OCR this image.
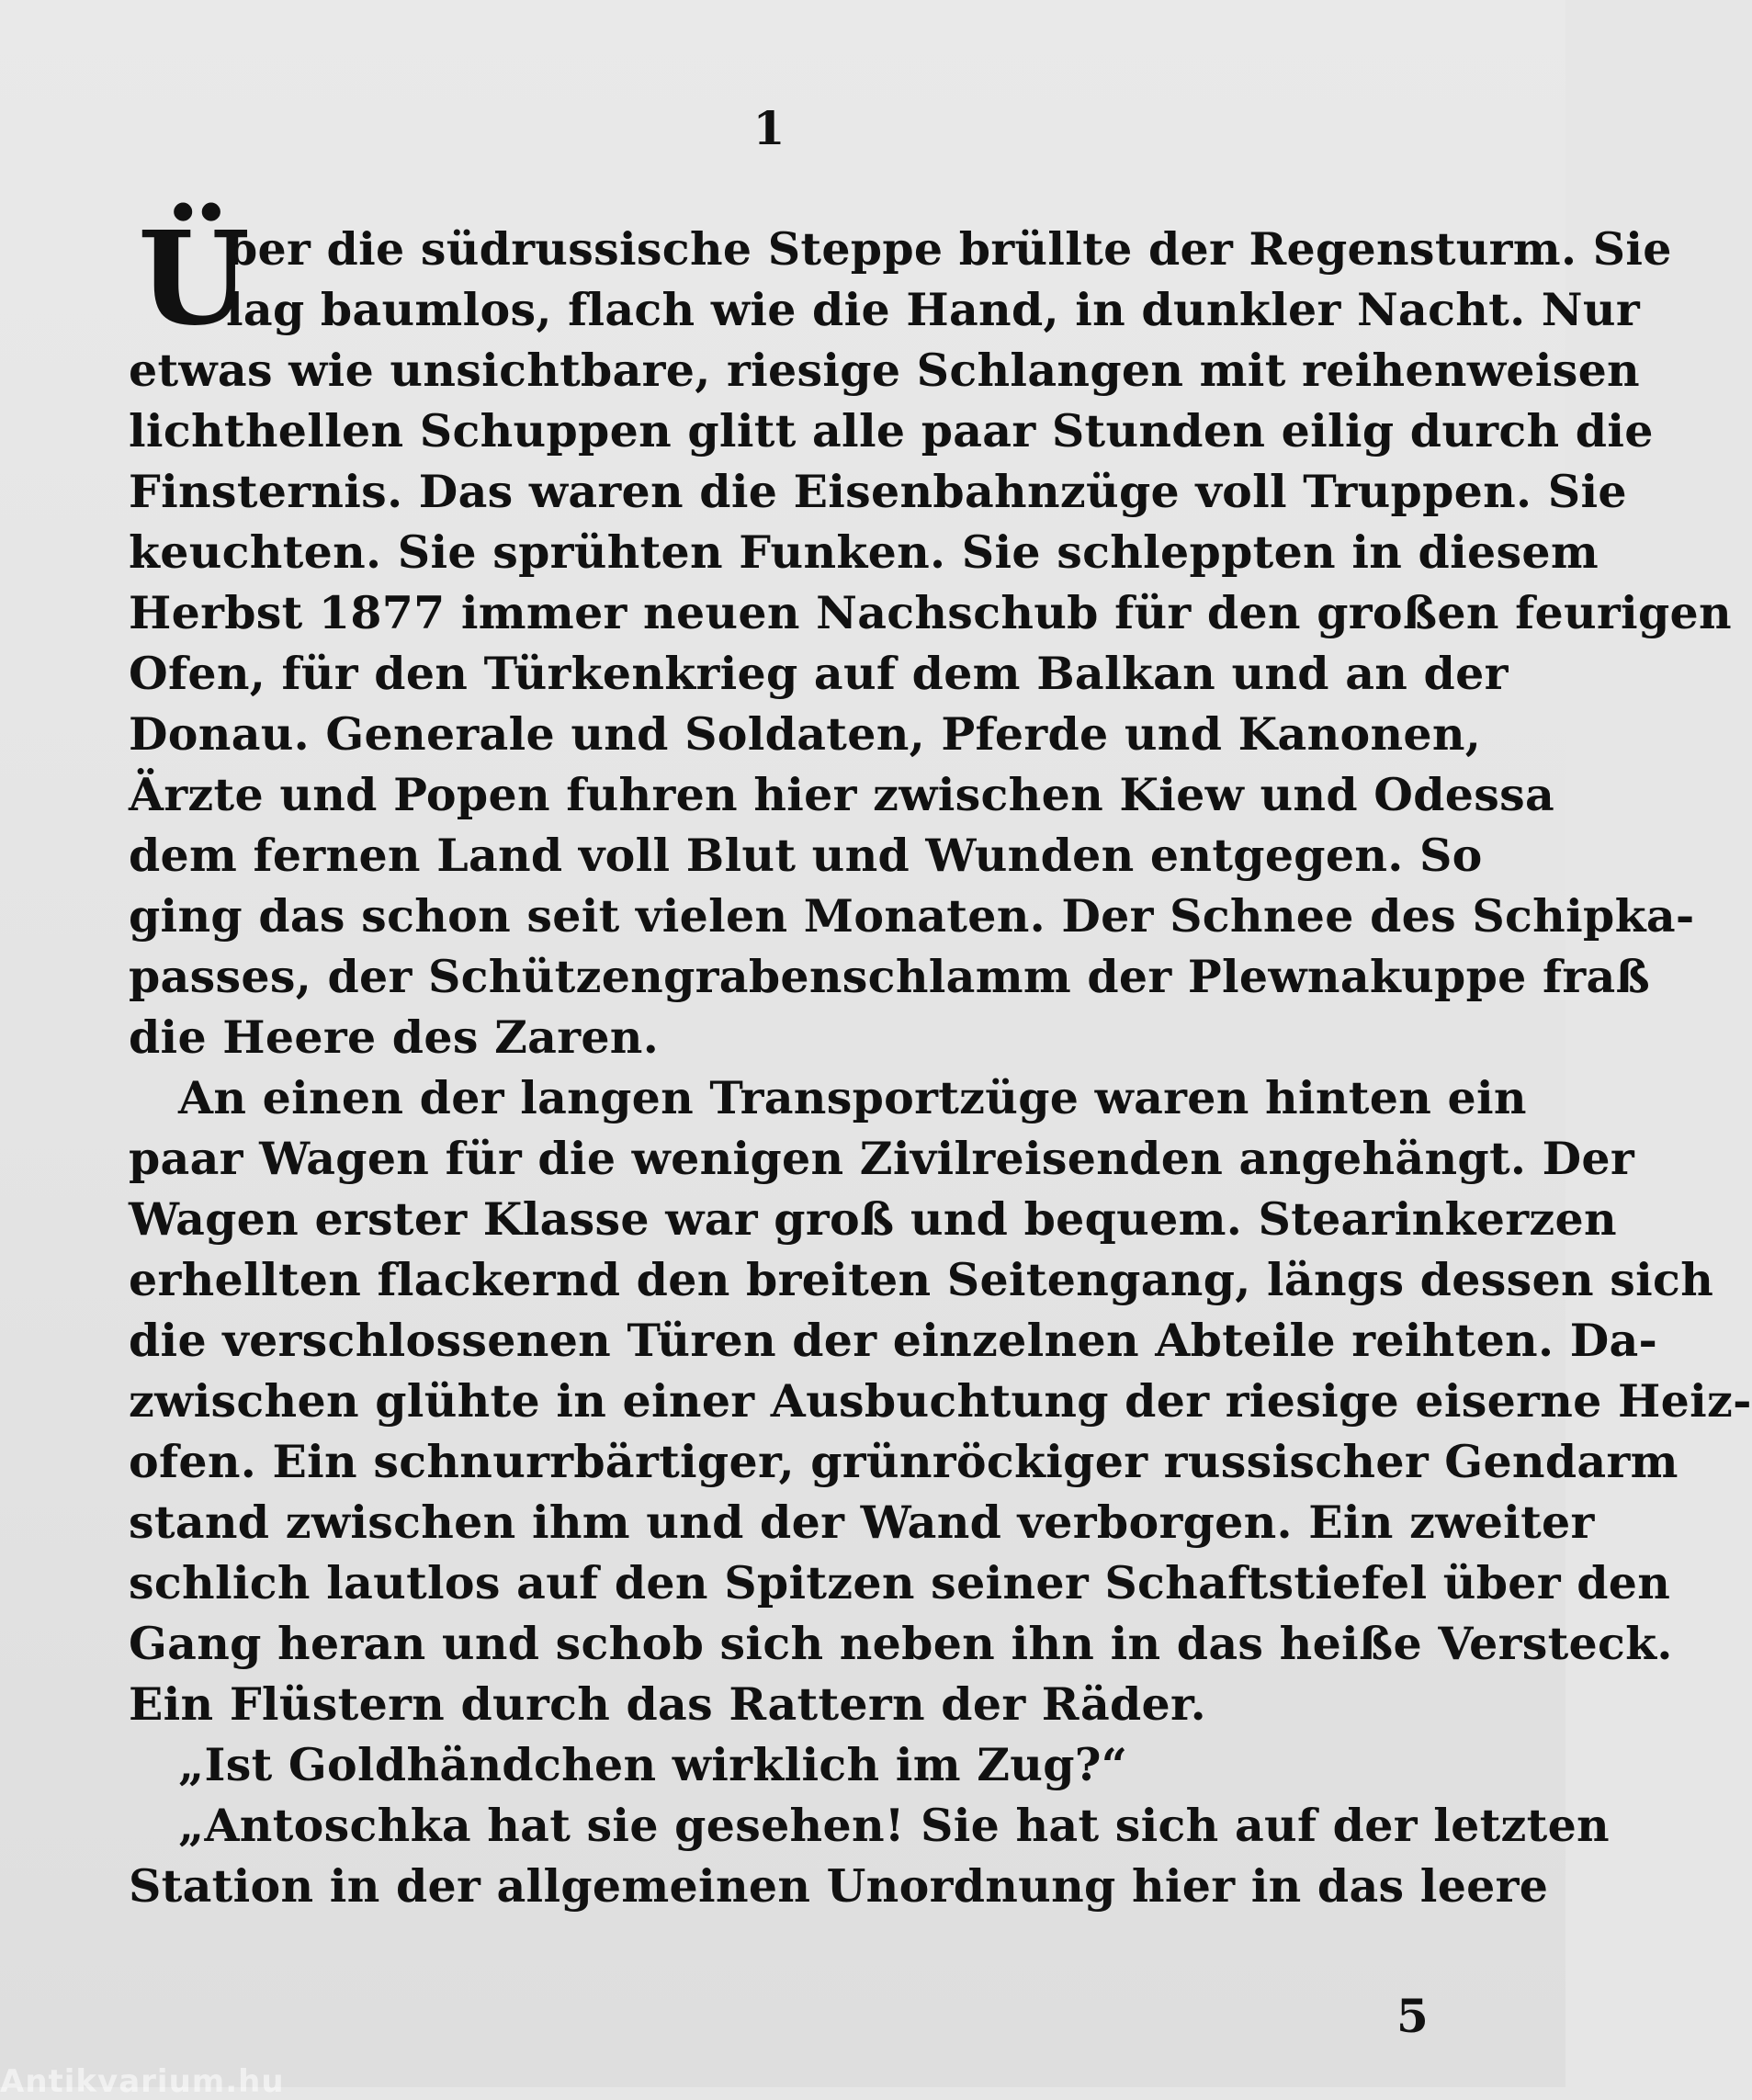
1
Ü
ber die südrussische Steppe brüllte der Regensturm. Sie
lag baumlos, flach wie die Hand, in dunkler Nacht. Nur
etwas wie unsichtbare, riesige Schlangen mit reihenweisen
lichthellen Schuppen glitt alle paar Stunden eilig durch die
Finsternis. Das waren die Eisenbahnzüge voll Truppen. Sie
keuchten. Sie sprühten Funken. Sie schleppten in diesem
Herbst 1877 immer neuen Nachschub für den großen feurigen
Ofen, für den Türkenkrieg auf dem Balkan und an der
Donau. Generale und Soldaten, Pferde und Kanonen,
Ärzte und Popen fuhren hier zwischen Kiew und Odessa
dem fernen Land voll Blut und Wunden entgegen. So
ging das schon seit vielen Monaten. Der Schnee des Schipka-
passes, der Schützengrabenschlamm der Plewnakuppe fraß
die Heere des Zaren.
An einen der langen Transportzüge waren hinten ein
paar Wagen für die wenigen Zivilreisenden angehängt. Der
Wagen erster Klasse war groß und bequem. Stearinkerzen
erhellten flackernd den breiten Seitengang, längs dessen sich
die verschlossenen Türen der einzelnen Abteile reihten. Da-
zwischen glühte in einer Ausbuchtung der riesige eiserne Heiz-
ofen. Ein schnurrbärtiger, grünröckiger russischer Gendarm
stand zwischen ihm und der Wand verborgen. Ein zweiter
schlich lautlos auf den Spitzen seiner Schaftstiefel über den
Gang heran und schob sich neben ihn in das heiße Versteck.
Ein Flüstern durch das Rattern der Räder.
„Ist Goldhändchen wirklich im Zug?“
„Antoschka hat sie gesehen! Sie hat sich auf der letzten
Station in der allgemeinen Unordnung hier in das leere
5
Antikvarium.hu
